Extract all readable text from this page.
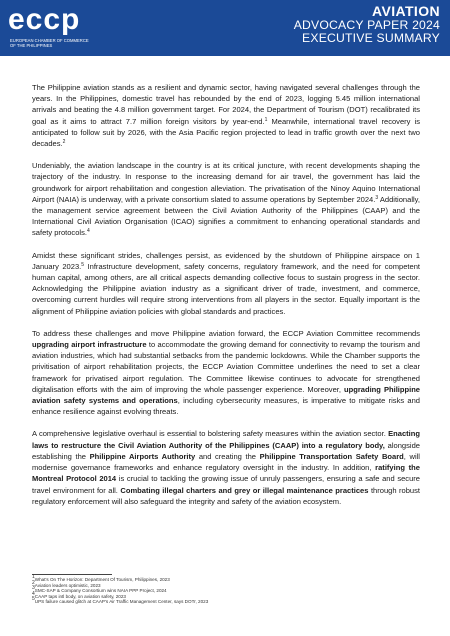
eccp
EUROPEAN CHAMBER OF COMMERCE
OF THE PHILIPPINES
AVIATION
ADVOCACY PAPER 2024
EXECUTIVE SUMMARY

The Philippine aviation stands as a resilient and dynamic sector, having navigated several challenges through the years. In the Philippines, domestic travel has rebounded by the end of 2023, logging 5.45 million international arrivals and beating the 4.8 million government target. For 2024, the Department of Tourism (DOT) recalibrated its goal as it aims to attract 7.7 million foreign visitors by year-end.$^1$ Meanwhile, international travel recovery is anticipated to follow suit by 2026, with the Asia Pacific region projected to lead in traffic growth over the next two decades.$^2$

Undeniably, the aviation landscape in the country is at its critical juncture, with recent developments shaping the trajectory of the industry. In response to the increasing demand for air travel, the government has laid the groundwork for airport rehabilitation and congestion alleviation. The privatisation of the Ninoy Aquino International Airport (NAIA) is underway, with a private consortium slated to assume operations by September 2024.$^3$ Additionally, the management service agreement between the Civil Aviation Authority of the Philippines (CAAP) and the International Civil Aviation Organisation (ICAO) signifies a commitment to enhancing operational standards and safety protocols.$^4$

Amidst these significant strides, challenges persist, as evidenced by the shutdown of Philippine airspace on 1 January 2023.$^5$ Infrastructure development, safety concerns, regulatory framework, and the need for competent human capital, among others, are all critical aspects demanding collective focus to sustain progress in the sector. Acknowledging the Philippine aviation industry as a significant driver of trade, investment, and commerce, overcoming current hurdles will require strong interventions from all players in the sector. Equally important is the alignment of Philippine aviation policies with global standards and practices.

To address these challenges and move Philippine aviation forward, the ECCP Aviation Committee recommends upgrading airport infrastructure to accommodate the growing demand for connectivity to revamp the tourism and aviation industries, which had substantial setbacks from the pandemic lockdowns. While the Chamber supports the privitisation of airport rehabilitation projects, the ECCP Aviation Committee underlines the need to set a clear framework for privatised airport regulation. The Committee likewise continues to advocate for strengthened digitalisation efforts with the aim of improving the whole passenger experience. Moreover, upgrading Philippine aviation safety systems and operations, including cybersecurity measures, is imperative to mitigate risks and enhance resilience against evolving threats.

A comprehensive legislative overhaul is essential to bolstering safety measures within the aviation sector. Enacting laws to restructure the Civil Aviation Authority of the Philippines (CAAP) into a regulatory body, alongside establishing the Philippine Airports Authority and creating the Philippine Transportation Safety Board, will modernise governance frameworks and enhance regulatory oversight in the industry. In addition, ratifying the Montreal Protocol 2014 is crucial to tackling the growing issue of unruly passengers, ensuring a safe and secure travel environment for all. Combating illegal charters and grey or illegal maintenance practices through robust regulatory enforcement will also safeguard the integrity and safety of the aviation ecosystem.

$^1$What's On The Horizon: Department Of Tourism, Philippines, 2023
$^2$Aviation leaders optimistic, 2023
$^3$SMC-SAP & Company Consortium wins NAIA PPP Project, 2024
$^4$CAAP taps intl body, on aviation safety, 2023
$^5$UPS failure caused glitch at CAAP's Air Traffic Management Center, says DOTr, 2023
